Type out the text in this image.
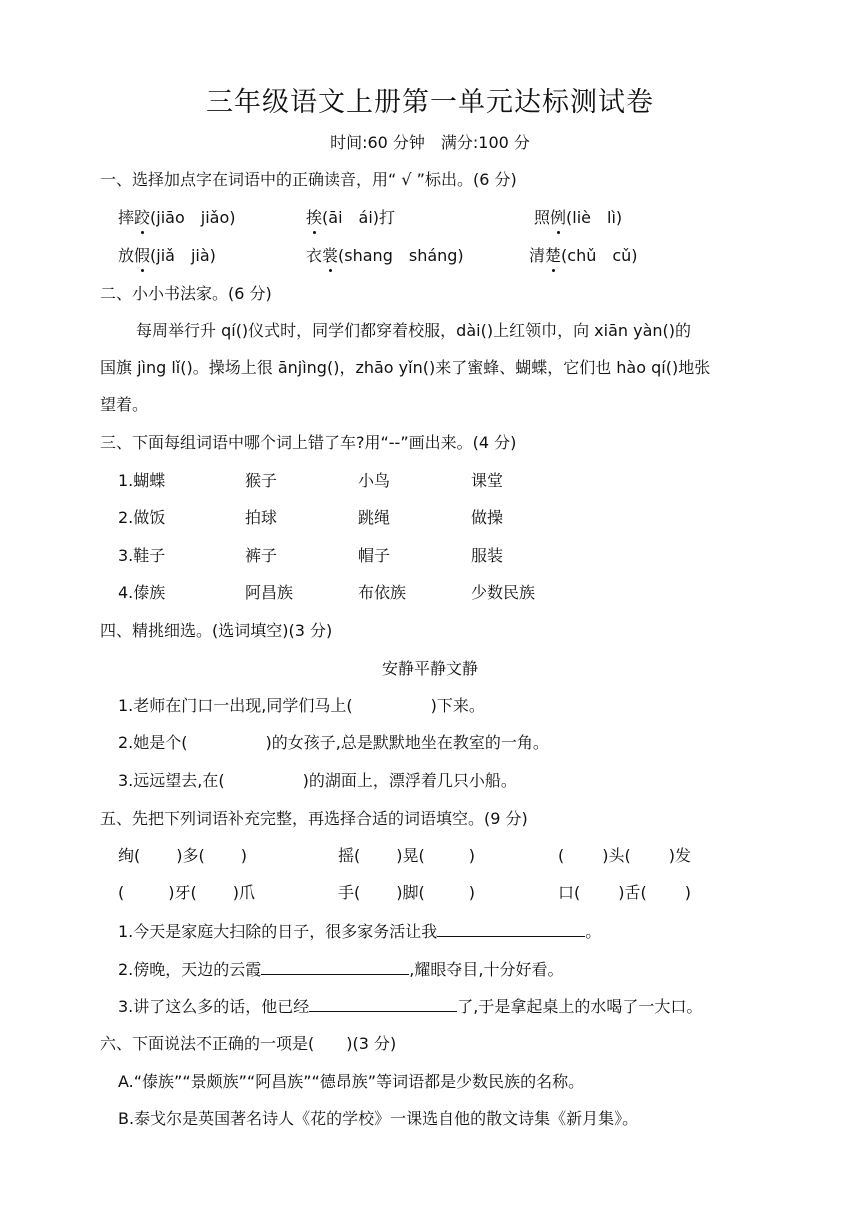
三年级语文上册第一单元达标测试卷
时间:60 分钟　满分:100 分
一、选择加点字在词语中的正确读音，用“ √ ”标出。(6 分)
摔跤(jiāo　jiǎo)	挨(āi　ái)打	照例(liè　lì)
放假(jiǎ　jià)	衣裳(shang　sháng)	清楚(chǔ　cǔ)
二、小小书法家。(6 分)
每周举行升 qí()仪式时，同学们都穿着校服，dài()上红领巾，向 xiān yàn()的
国旗 jìng lǐ()。操场上很 ānjìng()，zhāo yǐn()来了蜜蜂、蝴蝶，它们也 hào qí()地张
望着。
三、下面每组词语中哪个词上错了车?用“--”画出来。(4 分)
1.蝴蝶	猴子	小鸟	课堂
2.做饭	拍球	跳绳	做操
3.鞋子	裤子	帽子	服装
4.傣族	阿昌族	布依族	少数民族
四、精挑细选。(选词填空)(3 分)
安静平静文静
1.老师在门口一出现,同学们马上(	)下来。
2.她是个(	)的女孩子,总是默默地坐在教室的一角。
3.远远望去,在(	)的湖面上，漂浮着几只小船。
五、先把下列词语补充完整，再选择合适的词语填空。(9 分)
绚( )多( )	摇( )晃(	)	( )头( )发
(	)牙( )爪	手( )脚(	)	口( )舌( )
1.今天是家庭大扫除的日子，很多家务活让我	。
2.傍晚，天边的云霞	,耀眼夺目,十分好看。
3.讲了这么多的话，他已经	了,于是拿起桌上的水喝了一大口。
六、下面说法不正确的一项是(　　)(3 分)
A.“傣族”“景颇族”“阿昌族”“德昂族”等词语都是少数民族的名称。
B.泰戈尔是英国著名诗人《花的学校》一课选自他的散文诗集《新月集》。
